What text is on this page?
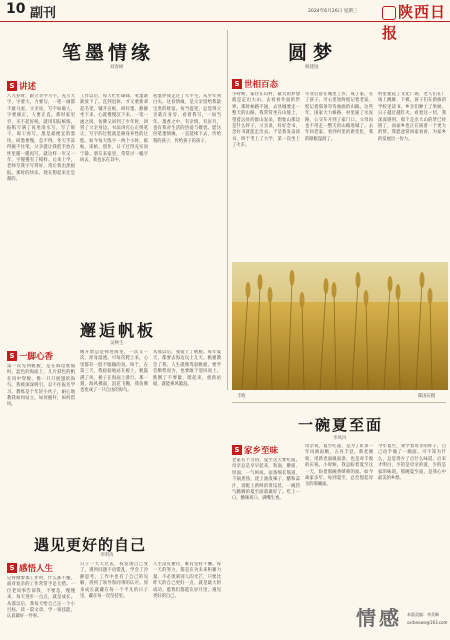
10 副刊	2024年6月26日 星期三	陕西日报
笔墨情缘
刘春树
S 讲述
八九岁时，跟父亲学写字。先写大字，字要大，力要匀，一笔一画都不敢马虎。父亲说，写字如做人，字要端正，人要正直。那时家里穷，买不起好纸，就用旧报纸练，报纸写满了再用清水写，写了晾干，晾干再写。墨是最便宜的墨块，研墨要慢，急不得。冬天手冻得握不住笔，父亲就让我把手放在怀里暖一暖再写。就这样一年又一年，字慢慢有了模样。后来上学，老师夸我字写得好，常让我出黑板报。那时的快乐，现在想起来还是甜的。
工作以后，每天忙忙碌碌，笔墨渐渐放下了。直到退休，才又重新拿起毛笔。铺开宣纸，研好墨，静静坐下来，心就慢慢沉下来。一笔一画之间，仿佛又回到了少年时，回到了父亲身边。书法讲究心正则笔正，写字的过程就是修身养性的过程。如今每天练字一两个小时，临帖、读帖、创作，日子过得充实而宁静。朋友来家里，常常讨一幅字回去，我也乐在其中。
笔墨伴我走过了大半生，从少年到白头。这份情缘，是父亲留给我最宝贵的财富。每当提笔，总觉得父亲就在身旁，看着我写，一如当年。墨香之中，有亲情，有岁月，也有我对生活的热爱与敬畏。愿这份笔墨情缘，一直延续下去，传给我的孩子，传给孩子的孩子。
圆梦
杨建国
S 世相百态
小时候，家住在山村，最大的梦想就是走出大山，去看看外面的世界。那时候路不通，去县城要走一整天的山路。我常常坐在山坡上，望着远处的群山发呆，想象山那边是什么样子。父亲说，好好念书，念好书就能走出去。于是我发奋读书，终于考上了大学，第一次坐上了火车。
毕业后留在城里工作，成了家，有了孩子。可心里始终惦记着老家，惦记着那条弯弯曲曲的山路。这些年，国家大力修路，村里通了水泥路，公交车开到了家门口。父母再也不用走一整天的山路进城了。去年回老家，看到村里的新变化，我的眼眶湿润了。
村里建起了文化广场，老人们在广场上跳舞、下棋，孩子们在新修的学校里读书。乡亲们种上了果树，日子越过越红火。看着这一切，我深深感到，那个走出大山的梦已经圆了，而家乡也正在圆着一个更大的梦。我愿意常回家看看，为家乡的发展出一份力。
丰收	陈国庆摄
邂逅帆板
吴秋生
S 一脚心香
第一次见到帆板，是在海边度假时。蓝色的海面上，几片彩色的帆在风中穿梭，像一只只展翅的海鸟。我被深深吸引，忍不住报名学习。教练是个年轻小伙子，耐心地教我如何站立，如何握杆，如何借风。
刚开始总是掉进海里，一次又一次，浑身湿透。可每次爬上来，心里都有一股不服输的劲。终于，在第三天，我稳稳地站在板上，帆鼓满了风，板子在海面上滑行。那一刻，海风拂面，浪花飞溅，我仿佛也变成了一只自由的海鸟。
从那以后，我爱上了帆板。每年夏天，都要去海边玩上几天。帆板教会了我，人生就像驾驭帆板，要学会顺势而为，也要敢于迎风而上。跌倒了不要紧，爬起来，重新站稳，就能乘风破浪。
一碗夏至面
李风玲
S 家乡至味
老家有个习俗，夏至这天要吃面。母亲总是早早起来，和面、擀面、切面，一气呵成。面条细长筋道，下锅煮熟，浇上油泼辣子、醋和蒜汁，再配上新鲜的黄瓜丝，一碗热气腾腾的夏至面就做好了。吃上一口，酸辣爽口，满嘴生香。
母亲说，夏至吃面，是为了祈求一年风调雨顺，五谷丰登。新麦刚收，用新麦面做面条，也是对丰收的庆祝。小时候，我总盼着夏至这一天，盼着那碗香喷喷的面。如今离家多年，每到夏至，总会想起母亲的那碗面。
今年夏至，我学着母亲的样子，自己动手做了一碗面。可不知为什么，总觉得少了点什么味道。后来才明白，少的是母亲的爱，少的是家的味道。那碗夏至面，是我心中最美的乡愁。
遇见更好的自己
李明涛
S 感悟人生
记得刚参加工作时，什么都不懂，面对复杂的工作常常手足无措。一位老同事告诉我，不要急，慢慢来，每天进步一点点，就是成长。从那以后，我每天给自己定一个小目标，读一篇文章，学一项技能，认真做好一件事。
日子一天天过去，我发现自己变了。遇到问题不再慌乱，学会了冷静思考。工作中也有了自己的见解，得到了领导和同事的认可。原来成长就藏在每一个平凡的日子里，藏在每一次坚持里。
人生没有捷径，唯有坚持不懈。每一天的努力，都是在为未来积蓄力量。不必羡慕别人的光芒，只要比昨天的自己更好一点，就是最大的成功。愿我们都能在岁月里，遇见更好的自己。
情感 本版责编：李美琳
sxrbnews@163.com
